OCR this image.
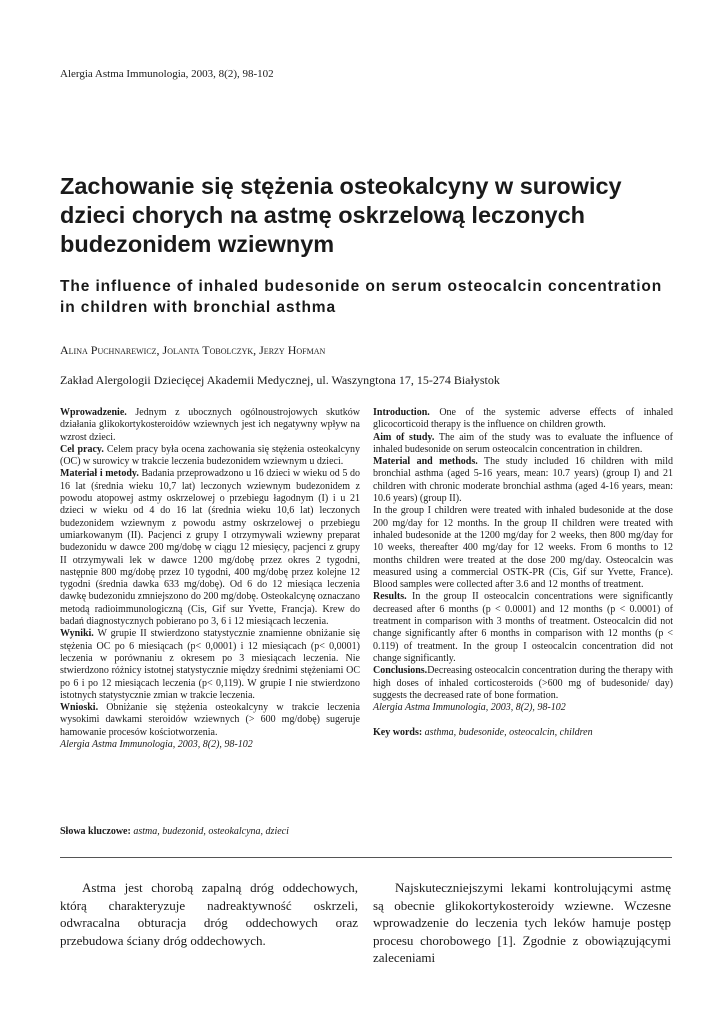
Alergia Astma Immunologia, 2003, 8(2), 98-102
Zachowanie się stężenia osteokalcyny w surowicy dzieci chorych na astmę oskrzelową leczonych budezonidem wziewnym
The influence of inhaled budesonide on serum osteocalcin concentration in children with bronchial asthma
Alina Puchnarewicz, Jolanta Tobolczyk, Jerzy Hofman
Zakład Alergologii Dziecięcej Akademii Medycznej, ul. Waszyngtona 17, 15-274 Białystok

Wprowadzenie. Jednym z ubocznych ogólnoustrojowych skutków działania glikokortykosteroidów wziewnych jest ich negatywny wpływ na wzrost dzieci.

Cel pracy. Celem pracy była ocena zachowania się stężenia osteokalcyny (OC) w surowicy w trakcie leczenia budezonidem wziewnym u dzieci.

Materiał i metody. Badania przeprowadzono u 16 dzieci w wieku od 5 do 16 lat (średnia wieku 10,7 lat) leczonych wziewnym budezonidem z powodu atopowej astmy oskrzelowej o przebiegu łagodnym (I) i u 21 dzieci w wieku od 4 do 16 lat (średnia wieku 10,6 lat) leczonych budezonidem wziewnym z powodu astmy oskrzelowej o przebiegu umiarkowanym (II). Pacjenci z grupy I otrzymywali wziewny preparat budezonidu w dawce 200 mg/dobę w ciągu 12 miesięcy, pacjenci z grupy II otrzymywali lek w dawce 1200 mg/dobę przez okres 2 tygodni, następnie 800 mg/dobę przez 10 tygodni, 400 mg/dobę przez kolejne 12 tygodni (średnia dawka 633 mg/dobę). Od 6 do 12 miesiąca leczenia dawkę budezonidu zmniejszono do 200 mg/dobę. Osteokalcynę oznaczano metodą radioimmunologiczną (Cis, Gif sur Yvette, Francja). Krew do badań diagnostycznych pobierano po 3, 6 i 12 miesiącach leczenia.

Wyniki. W grupie II stwierdzono statystycznie znamienne obniżanie się stężenia OC po 6 miesiącach (p< 0,0001) i 12 miesiącach (p< 0,0001) leczenia w porównaniu z okresem po 3 miesiącach leczenia. Nie stwierdzono różnicy istotnej statystycznie między średnimi stężeniami OC po 6 i po 12 miesiącach leczenia (p< 0,119). W grupie I nie stwierdzono istotnych statystycznie zmian w trakcie leczenia.

Wnioski. Obniżanie się stężenia osteokalcyny w trakcie leczenia wysokimi dawkami steroidów wziewnych (> 600 mg/dobę) sugeruje hamowanie procesów kościotworzenia.

Alergia Astma Immunologia, 2003, 8(2), 98-102

Słowa kluczowe: astma, budezonid, osteokalcyna, dzieci

Introduction. One of the systemic adverse effects of inhaled glicocorticoid therapy is the influence on children growth.

Aim of study. The aim of the study was to evaluate the influence of inhaled budesonide on serum osteocalcin concentration in children.

Material and methods. The study included 16 children with mild bronchial asthma (aged 5-16 years, mean: 10.7 years) (group I) and 21 children with chronic moderate bronchial asthma (aged 4-16 years, mean: 10.6 years) (group II).

In the group I children were treated with inhaled budesonide at the dose 200 mg/day for 12 months. In the group II children were treated with inhaled budesonide at the 1200 mg/day for 2 weeks, then 800 mg/day for 10 weeks, thereafter 400 mg/day for 12 weeks. From 6 months to 12 months children were treated at the dose 200 mg/day. Osteocalcin was measured using a commercial OSTK-PR (Cis, Gif sur Yvette, France). Blood samples were collected after 3.6 and 12 months of treatment.

Results. In the group II osteocalcin concentrations were significantly decreased after 6 months (p < 0.0001) and 12 months (p < 0.0001) of treatment in comparison with 3 months of treatment. Osteocalcin did not change significantly after 6 months in comparison with 12 months (p < 0.119) of treatment. In the group I osteocalcin concentration did not change significantly.

Conclusions.Decreasing osteocalcin concentration during the therapy with high doses of inhaled corticosteroids (>600 mg of budesonide/ day) suggests the decreased rate of bone formation.

Alergia Astma Immunologia, 2003, 8(2), 98-102

Key words: asthma, budesonide, osteocalcin, children

Astma jest chorobą zapalną dróg oddechowych, którą charakteryzuje nadreaktywność oskrzeli, odwracalna obturacja dróg oddechowych oraz przebudowa ściany dróg oddechowych.

Najskuteczniejszymi lekami kontrolującymi astmę są obecnie glikokortykosteroidy wziewne. Wczesne wprowadzenie do leczenia tych leków hamuje postęp procesu chorobowego [1]. Zgodnie z obowiązującymi zaleceniami
